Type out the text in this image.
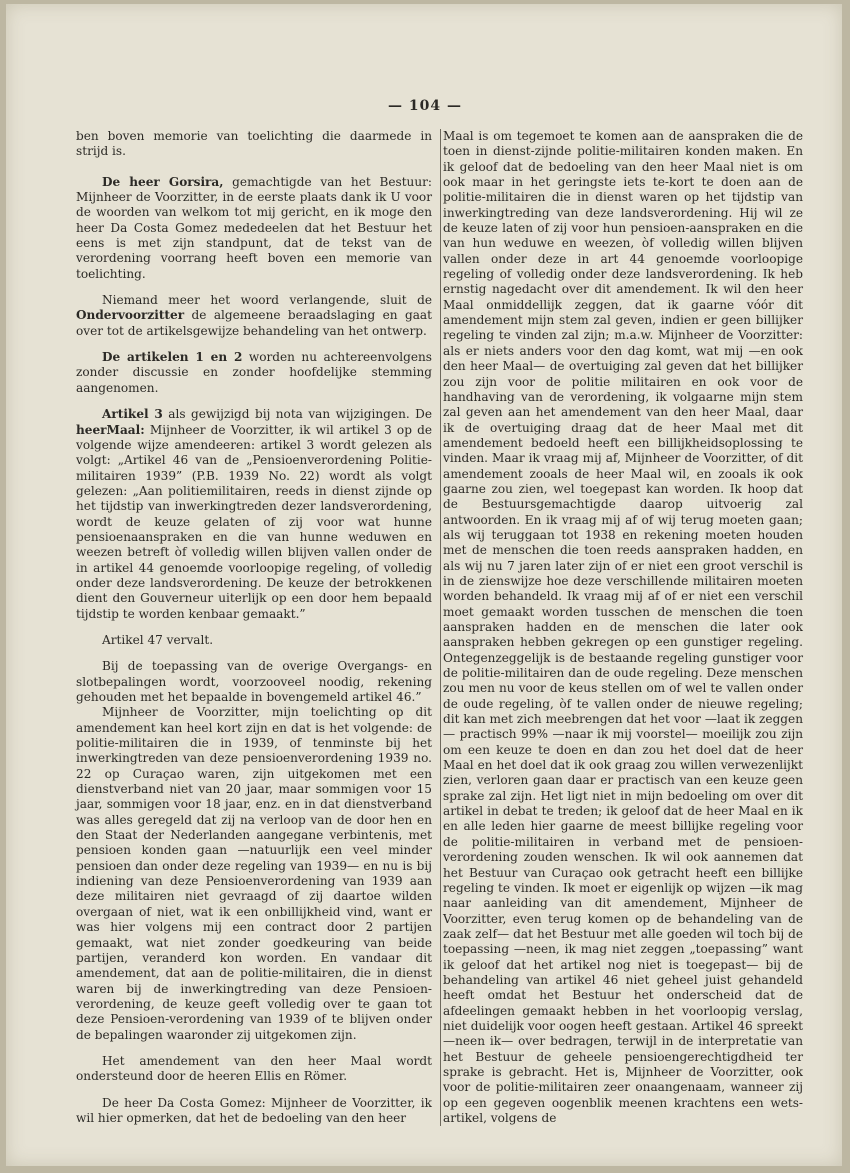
— 104 —

ben boven memorie van toelichting die daarmede in strijd is.

De heer Gorsira, gemachtigde van het Bestuur: Mijnheer de Voorzitter, in de eerste plaats dank ik U voor de woorden van welkom tot mij gericht, en ik moge den heer Da Costa Gomez mededeelen dat het Bestuur het eens is met zijn standpunt, dat de tekst van de verordening voorrang heeft boven een memorie van toelichting.

Niemand meer het woord verlangende, sluit de Ondervoorzitter de algemeene beraadslaging en gaat over tot de artikelsgewijze behandeling van het ontwerp.

De artikelen 1 en 2 worden nu achtereenvolgens zonder discussie en zonder hoofdelijke stemming aangenomen.

Artikel 3 als gewijzigd bij nota van wijzigingen. De heerMaal: Mijnheer de Voorzitter, ik wil artikel 3 op de volgende wijze amendeeren: artikel 3 wordt gelezen als volgt: „Artikel 46 van de „Pensioenverordening Politie-militairen 1939” (P.B. 1939 No. 22) wordt als volgt gelezen: „Aan politiemilitairen, reeds in dienst zijnde op het tijdstip van inwerkingtreden dezer landsverordening, wordt de keuze gelaten of zij voor wat hunne pensioenaanspraken en die van hunne weduwen en weezen betreft òf volledig willen blijven vallen onder de in artikel 44 genoemde voorloopige regeling, of volledig onder deze landsverordening. De keuze der betrokkenen dient den Gouverneur uiterlijk op een door hem bepaald tijdstip te worden kenbaar gemaakt.”

Artikel 47 vervalt.

Bij de toepassing van de overige Overgangs- en slotbepalingen wordt, voorzooveel noodig, rekening gehouden met het bepaalde in bovengemeld artikel 46.”

Mijnheer de Voorzitter, mijn toelichting op dit amendement kan heel kort zijn en dat is het volgende: de politie-militairen die in 1939, of tenminste bij het inwerkingtreden van deze pensioenverordening 1939 no. 22 op Curaçao waren, zijn uitgekomen met een dienstverband niet van 20 jaar, maar sommigen voor 15 jaar, sommigen voor 18 jaar, enz. en in dat dienstverband was alles geregeld dat zij na verloop van de door hen en den Staat der Nederlanden aangegane verbintenis, met pensioen konden gaan —natuurlijk een veel minder pensioen dan onder deze regeling van 1939— en nu is bij indiening van deze Pensioenverordening van 1939 aan deze militairen niet gevraagd of zij daartoe wilden overgaan of niet, wat ik een onbillijkheid vind, want er was hier volgens mij een contract door 2 partijen gemaakt, wat niet zonder goedkeuring van beide partijen, veranderd kon worden. En vandaar dit amendement, dat aan de politie-militairen, die in dienst waren bij de inwerkingtreding van deze Pensioen-verordening, de keuze geeft volledig over te gaan tot deze Pensioen-verordening van 1939 of te blijven onder de bepalingen waaronder zij uitgekomen zijn.

Het amendement van den heer Maal wordt ondersteund door de heeren Ellis en Römer.

De heer Da Costa Gomez: Mijnheer de Voorzitter, ik wil hier opmerken, dat het de bedoeling van den heer

Maal is om tegemoet te komen aan de aanspraken die de toen in dienst-zijnde politie-militairen konden maken. En ik geloof dat de bedoeling van den heer Maal niet is om ook maar in het geringste iets te-kort te doen aan de politie-militairen die in dienst waren op het tijdstip van inwerkingtreding van deze landsverordening. Hij wil ze de keuze laten of zij voor hun pensioen-aanspraken en die van hun weduwe en weezen, òf volledig willen blijven vallen onder deze in art 44 genoemde voorloopige regeling of volledig onder deze landsverordening. Ik heb ernstig nagedacht over dit amendement. Ik wil den heer Maal onmiddellijk zeggen, dat ik gaarne vóór dit amendement mijn stem zal geven, indien er geen billijker regeling te vinden zal zijn; m.a.w. Mijnheer de Voorzitter: als er niets anders voor den dag komt, wat mij —en ook den heer Maal— de overtuiging zal geven dat het billijker zou zijn voor de politie militairen en ook voor de handhaving van de verordening, ik volgaarne mijn stem zal geven aan het amendement van den heer Maal, daar ik de overtuiging draag dat de heer Maal met dit amendement bedoeld heeft een billijkheidsoplossing te vinden. Maar ik vraag mij af, Mijnheer de Voorzitter, of dit amendement zooals de heer Maal wil, en zooals ik ook gaarne zou zien, wel toegepast kan worden. Ik hoop dat de Bestuursgemachtigde daarop uitvoerig zal antwoorden. En ik vraag mij af of wij terug moeten gaan; als wij teruggaan tot 1938 en rekening moeten houden met de menschen die toen reeds aanspraken hadden, en als wij nu 7 jaren later zijn of er niet een groot verschil is in de zienswijze hoe deze verschillende militairen moeten worden behandeld. Ik vraag mij af of er niet een verschil moet gemaakt worden tusschen de menschen die toen aanspraken hadden en de menschen die later ook aanspraken hebben gekregen op een gunstiger regeling. Ontegenzeggelijk is de bestaande regeling gunstiger voor de politie-militairen dan de oude regeling. Deze menschen zou men nu voor de keus stellen om of wel te vallen onder de oude regeling, òf te vallen onder de nieuwe regeling; dit kan met zich meebrengen dat het voor —laat ik zeggen— practisch 99% —naar ik mij voorstel— moeilijk zou zijn om een keuze te doen en dan zou het doel dat de heer Maal en het doel dat ik ook graag zou willen verwezenlijkt zien, verloren gaan daar er practisch van een keuze geen sprake zal zijn. Het ligt niet in mijn bedoeling om over dit artikel in debat te treden; ik geloof dat de heer Maal en ik en alle leden hier gaarne de meest billijke regeling voor de politie-militairen in verband met de pensioen-verordening zouden wenschen. Ik wil ook aannemen dat het Bestuur van Curaçao ook getracht heeft een billijke regeling te vinden. Ik moet er eigenlijk op wijzen —ik mag naar aanleiding van dit amendement, Mijnheer de Voorzitter, even terug komen op de behandeling van de zaak zelf— dat het Bestuur met alle goeden wil toch bij de toepassing —neen, ik mag niet zeggen „toepassing” want ik geloof dat het artikel nog niet is toegepast— bij de behandeling van artikel 46 niet geheel juist gehandeld heeft omdat het Bestuur het onderscheid dat de afdeelingen gemaakt hebben in het voorloopig verslag, niet duidelijk voor oogen heeft gestaan. Artikel 46 spreekt —neen ik— over bedragen, terwijl in de interpretatie van het Bestuur de geheele pensioengerechtigdheid ter sprake is gebracht. Het is, Mijnheer de Voorzitter, ook voor de politie-militairen zeer onaangenaam, wanneer zij op een gegeven oogenblik meenen krachtens een wets-artikel, volgens de
